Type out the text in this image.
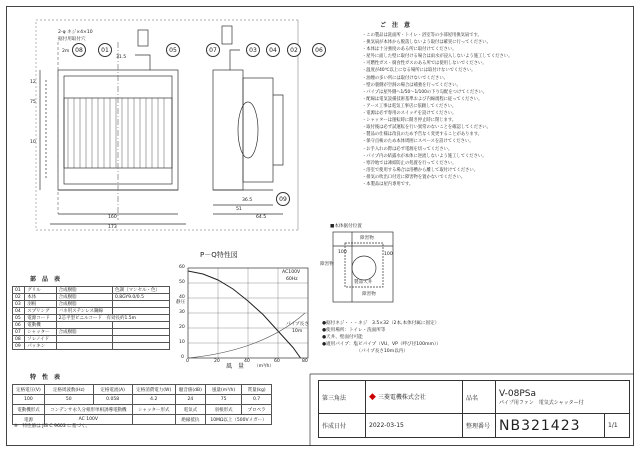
08	01	05
2m
2-φ ネジ×4×10
据付用取付穴
31.5
12
75
10
160
173
07	03	04	02	06
09
36.5
51
64.5
ご　注　意
・この製品は洗面所・トイレ・浴室等の小部屋用換気扇です。
・換気扇が本体から脱落しないよう取付は確実に行ってください。
・本体は十分強度のある所に取付けてください。
・屋外に面した壁に取付ける場合は雨水が浸入しないよう施工してください。
・可燃性ガス・腐食性ガスのある所では使用しないでください。
・温度が40℃以上になる場所には取付けないでください。
・油煙の多い所には取付けないでください。
・壁の裏側が空洞の場合は補強を行ってください。
・パイプは屋外側へ1/50〜1/100の下り勾配をつけてください。
・配線は電気設備技術基準および内線規程に従ってください。
・アース工事は電気工事店に依頼してください。
・電源は必ず専用のスイッチを設けてください。
・シャッターは運転時に開き停止時に閉じます。
・取付後は必ず試運転を行い異常のないことを確認してください。
・製品の仕様は改良のため予告なく変更することがあります。
・保守点検のため本体周囲にスペースを設けてください。
・お手入れの際は必ず電源を切ってください。
・パイプ内の結露水が本体に逆流しないよう施工してください。
・寒冷地では凍結防止の処置を行ってください。
・浴室で使用する場合は浴槽から離して取付けてください。
・排気の吹出口付近に障害物を置かないでください。
・本製品は屋内専用です。
■本体据付位置
障害物
障害物
障害物
製品天井
100
100
●据付ネジ・・・ネジ　3.5×32（2本,本体付属に固定）
●使用場所：トイレ・洗面所等
●天井、壁面付可能
●適用パイプ：塩ビパイプ（VU、VP（呼び径100mm））
　　　　　　　　（パイプ長さ10m以内）
P－Q特性図
静圧
風　量 （m³/h）
AC100V
60Hz
パイプ長さ
10m
0
10
20
30
40
50
60
0	20	40	60	80
部　品　表
01	グリル	合成樹脂	色調（マンセル・色）
02	本体	合成樹脂	0.8GY9.0/0.5
03	羽根	合成樹脂	
04	スプリング	バネ用ステンレス鋼線	
05	電源コード	2芯平型ビニルコード　有効長約1.5m	
06	電動機		
07	シャッター	合成樹脂	
08	ソレノイド		
09	パッキン		
特　性　表
定格電圧(V)	定格周波数(Hz)	定格電流(A)	定格消費電力(W)	騒音値(dB)	風量(m³/h)	質量(kg)
100	50	0.058	4.2	24	75	0.7
電動機形式	コンデンサ永久分相形単相誘導電動機		シャッター形式	電気式	羽根形式	プロペラ
電源	AC 100V			絶縁抵抗	10MΩ以上（500Vメガー）	
※　特性値は JIS C 9603 に基づく。
第三角法	◆ 三菱電機株式会社	品名	V-08PSa
パイプ用ファン　電気式シャッター付	

作成日付	2022-03-15	整理番号	NB321423	1/1
